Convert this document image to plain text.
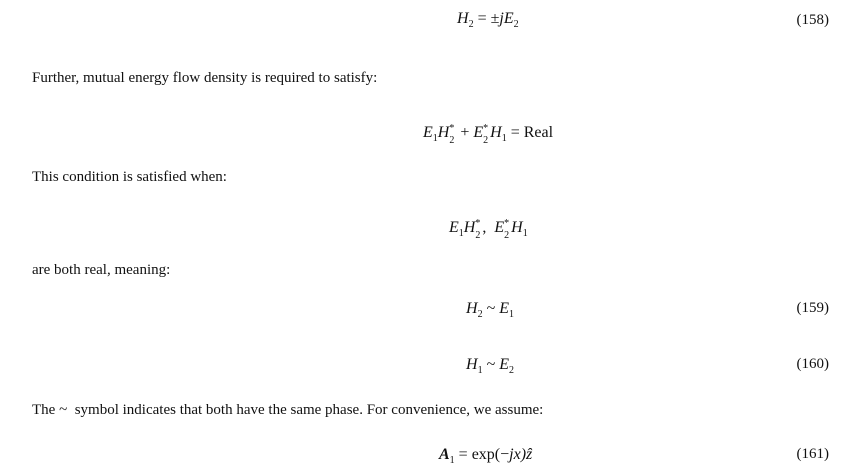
$H_2 = \pm jE_2$	(158)
Further, mutual energy flow density is required to satisfy:
$E_1H$ *
2 + E *
2 $H_1$ = Real
This condition is satisfied when:
$E_1H$ *
2 , E *
2 $H_1$
are both real, meaning:
$H_2$ ~ $E_1$	(159)
$H_1$ ~ $E_2$	(160)
The ~ symbol indicates that both have the same phase. For convenience, we assume:
$A_1$ = exp(−jx)ẑ	(161)
